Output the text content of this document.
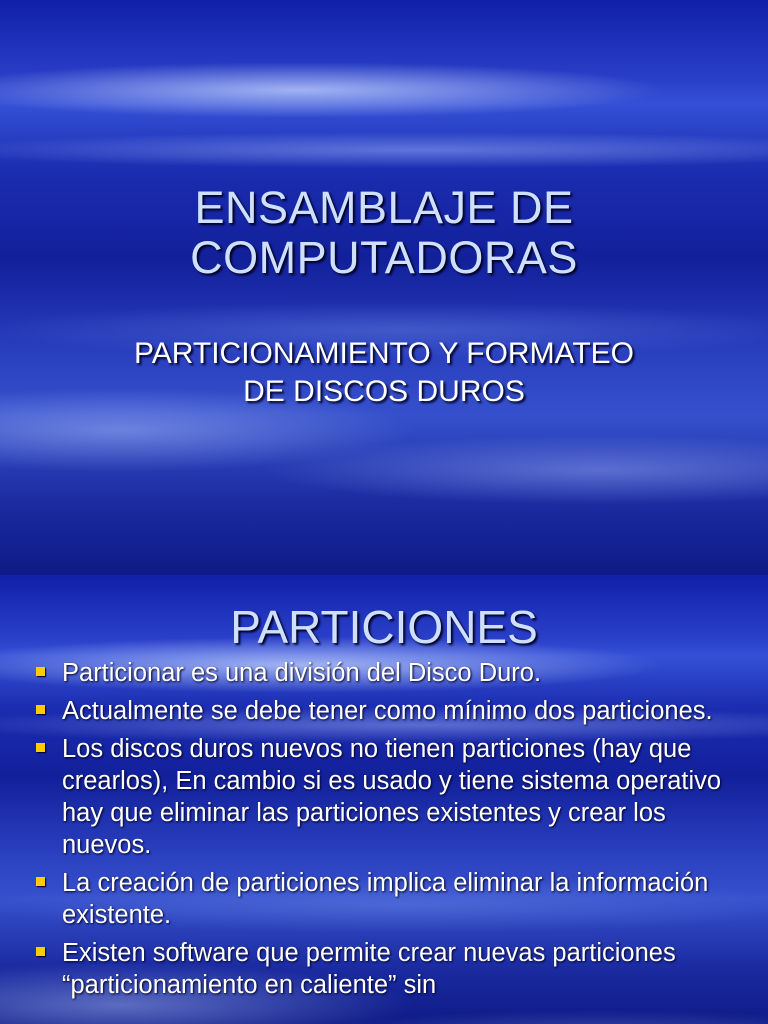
ENSAMBLAJE DE
COMPUTADORAS
PARTICIONAMIENTO Y FORMATEO
DE DISCOS DUROS
PARTICIONES
Particionar es una división del Disco Duro.
Actualmente se debe tener como mínimo dos particiones.
Los discos duros nuevos no tienen particiones (hay que crearlos), En cambio si es usado y tiene sistema operativo hay que eliminar las particiones existentes y crear los nuevos.
La creación de particiones implica eliminar la información existente.
Existen software que permite crear nuevas particiones “particionamiento en caliente” sin
